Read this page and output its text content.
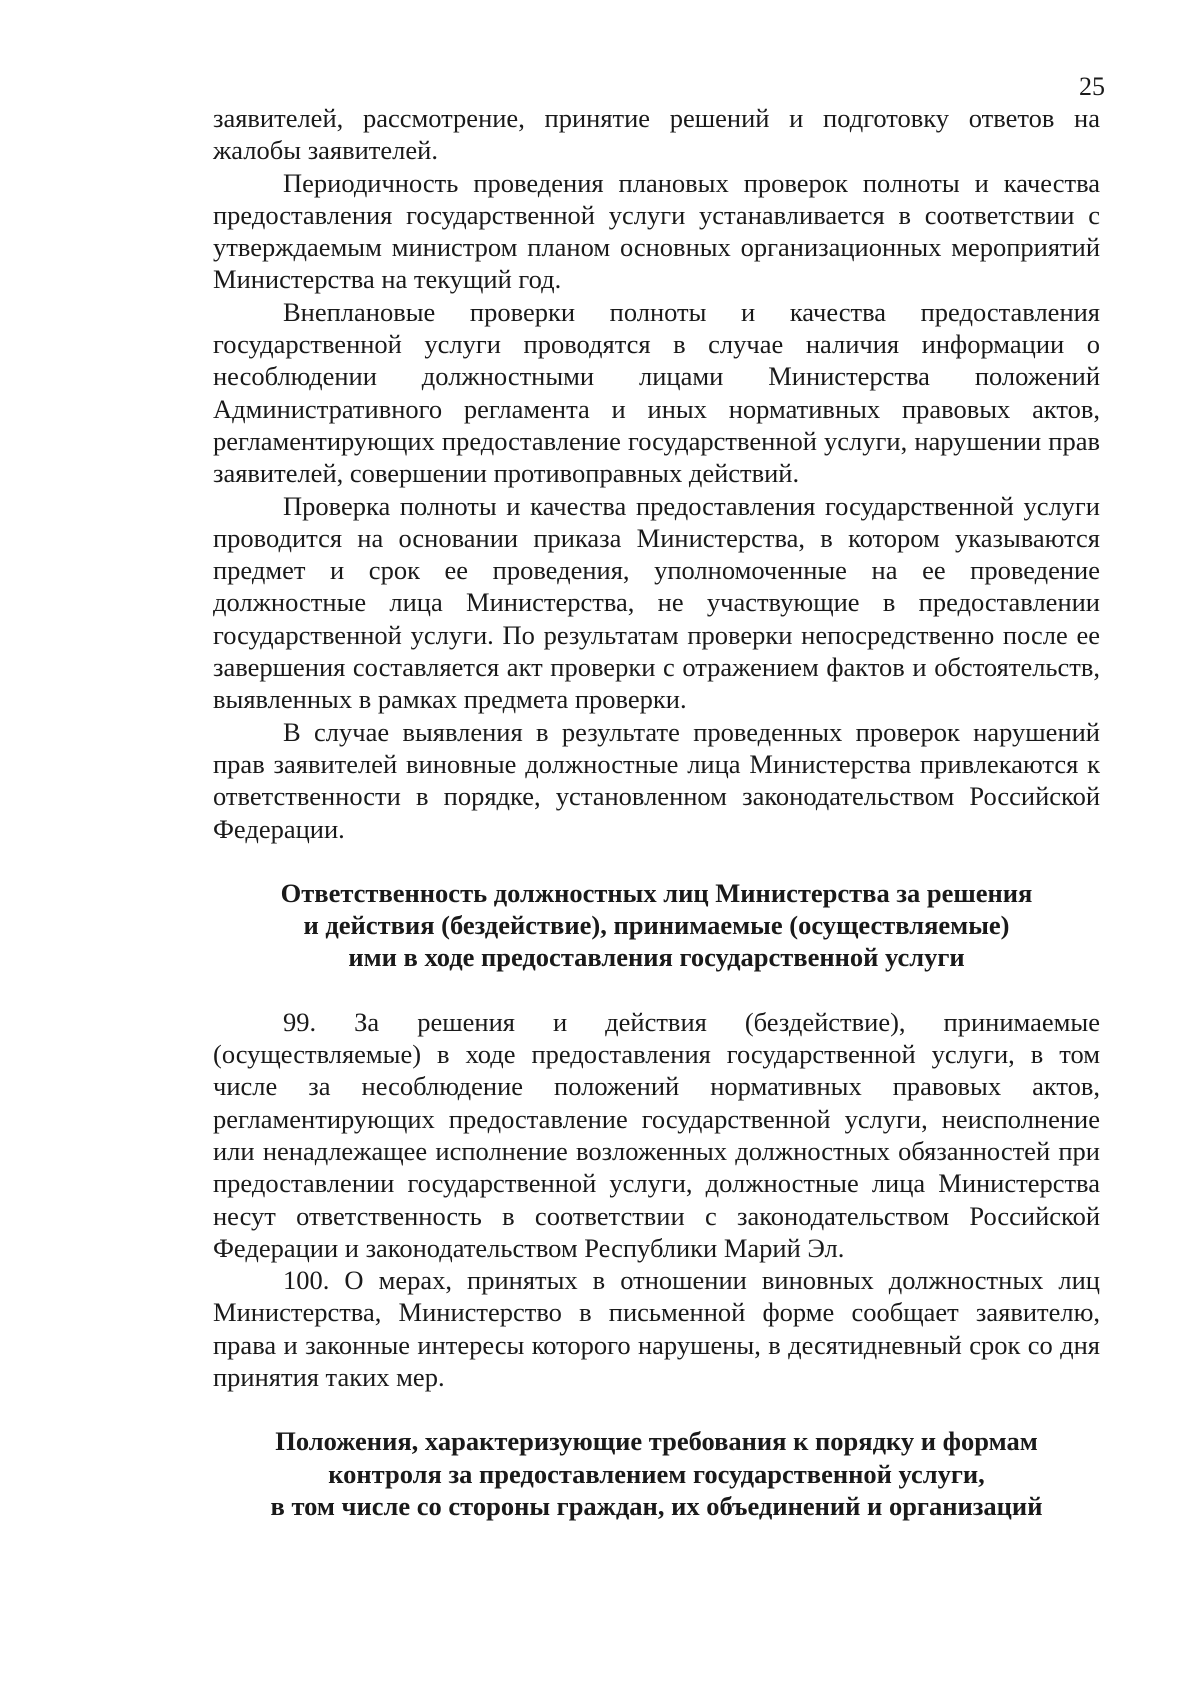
25

заявителей, рассмотрение, принятие решений и подготовку ответов на жалобы заявителей.

Периодичность проведения плановых проверок полноты и качества предоставления государственной услуги устанавливается в соответствии с утверждаемым министром планом основных организационных мероприятий Министерства на текущий год.

Внеплановые проверки полноты и качества предоставления государственной услуги проводятся в случае наличия информации о несоблюдении должностными лицами Министерства положений Административного регламента и иных нормативных правовых актов, регламентирующих предоставление государственной услуги, нарушении прав заявителей, совершении противоправных действий.

Проверка полноты и качества предоставления государственной услуги проводится на основании приказа Министерства, в котором указываются предмет и срок ее проведения, уполномоченные на ее проведение должностные лица Министерства, не участвующие в предоставлении государственной услуги. По результатам проверки непосредственно после ее завершения составляется акт проверки с отражением фактов и обстоятельств, выявленных в рамках предмета проверки.

В случае выявления в результате проведенных проверок нарушений прав заявителей виновные должностные лица Министерства привлекаются к ответственности в порядке, установленном законодательством Российской Федерации.

Ответственность должностных лиц Министерства за решения
и действия (бездействие), принимаемые (осуществляемые)
ими в ходе предоставления государственной услуги

99. За решения и действия (бездействие), принимаемые (осуществляемые) в ходе предоставления государственной услуги, в том числе за несоблюдение положений нормативных правовых актов, регламентирующих предоставление государственной услуги, неисполнение или ненадлежащее исполнение возложенных должностных обязанностей при предоставлении государственной услуги, должностные лица Министерства несут ответственность в соответствии с законодательством Российской Федерации и законодательством Республики Марий Эл.

100. О мерах, принятых в отношении виновных должностных лиц Министерства, Министерство в письменной форме сообщает заявителю, права и законные интересы которого нарушены, в десятидневный срок со дня принятия таких мер.

Положения, характеризующие требования к порядку и формам
контроля за предоставлением государственной услуги,
в том числе со стороны граждан, их объединений и организаций
